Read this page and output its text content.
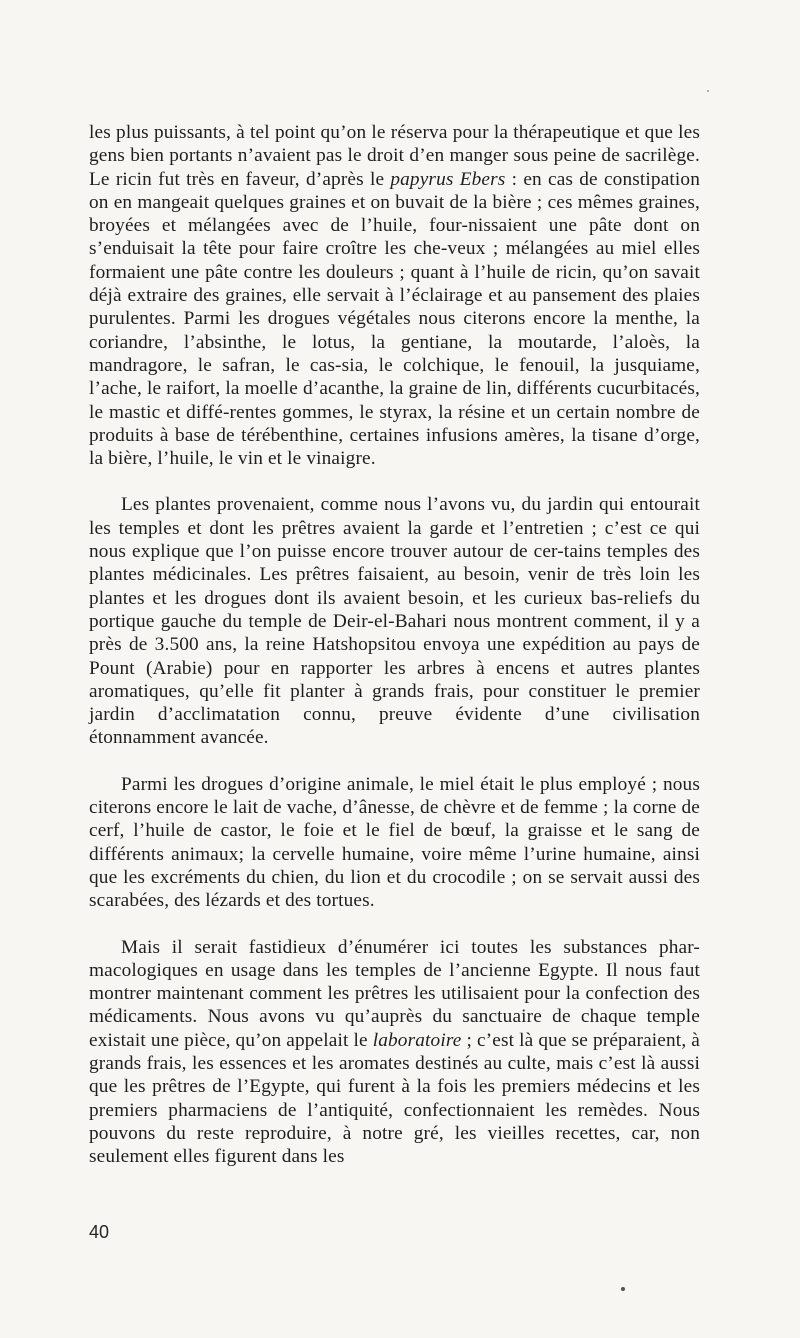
les plus puissants, à tel point qu’on le réserva pour la thérapeutique et que les gens bien portants n’avaient pas le droit d’en manger sous peine de sacrilège. Le ricin fut très en faveur, d’après le papyrus Ebers : en cas de constipation on en mangeait quelques graines et on buvait de la bière ; ces mêmes graines, broyées et mélangées avec de l’huile, four-nissaient une pâte dont on s’enduisait la tête pour faire croître les che-veux ; mélangées au miel elles formaient une pâte contre les douleurs ; quant à l’huile de ricin, qu’on savait déjà extraire des graines, elle servait à l’éclairage et au pansement des plaies purulentes. Parmi les drogues végétales nous citerons encore la menthe, la coriandre, l’absinthe, le lotus, la gentiane, la moutarde, l’aloès, la mandragore, le safran, le cas-sia, le colchique, le fenouil, la jusquiame, l’ache, le raifort, la moelle d’acanthe, la graine de lin, différents cucurbitacés, le mastic et diffé-rentes gommes, le styrax, la résine et un certain nombre de produits à base de térébenthine, certaines infusions amères, la tisane d’orge, la bière, l’huile, le vin et le vinaigre.

Les plantes provenaient, comme nous l’avons vu, du jardin qui entourait les temples et dont les prêtres avaient la garde et l’entretien ; c’est ce qui nous explique que l’on puisse encore trouver autour de cer-tains temples des plantes médicinales. Les prêtres faisaient, au besoin, venir de très loin les plantes et les drogues dont ils avaient besoin, et les curieux bas-reliefs du portique gauche du temple de Deir-el-Bahari nous montrent comment, il y a près de 3.500 ans, la reine Hatshopsitou envoya une expédition au pays de Pount (Arabie) pour en rapporter les arbres à encens et autres plantes aromatiques, qu’elle fit planter à grands frais, pour constituer le premier jardin d’acclimatation connu, preuve évidente d’une civilisation étonnamment avancée.

Parmi les drogues d’origine animale, le miel était le plus employé ; nous citerons encore le lait de vache, d’ânesse, de chèvre et de femme ; la corne de cerf, l’huile de castor, le foie et le fiel de bœuf, la graisse et le sang de différents animaux; la cervelle humaine, voire même l’urine humaine, ainsi que les excréments du chien, du lion et du crocodile ; on se servait aussi des scarabées, des lézards et des tortues.

Mais il serait fastidieux d’énumérer ici toutes les substances phar-macologiques en usage dans les temples de l’ancienne Egypte. Il nous faut montrer maintenant comment les prêtres les utilisaient pour la confection des médicaments. Nous avons vu qu’auprès du sanctuaire de chaque temple existait une pièce, qu’on appelait le laboratoire ; c’est là que se préparaient, à grands frais, les essences et les aromates destinés au culte, mais c’est là aussi que les prêtres de l’Egypte, qui furent à la fois les premiers médecins et les premiers pharmaciens de l’antiquité, confectionnaient les remèdes. Nous pouvons du reste reproduire, à notre gré, les vieilles recettes, car, non seulement elles figurent dans les

40
